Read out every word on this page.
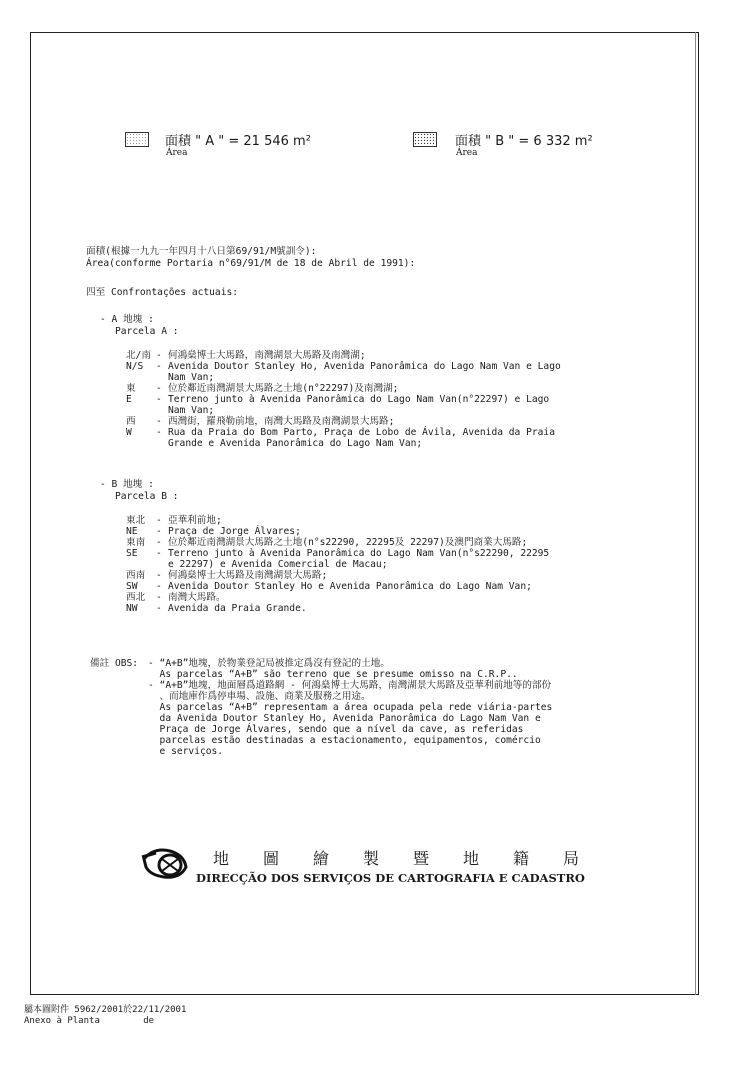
面積 " A " = 21 546 m²
Área
面積 " B " = 6 332 m²
Área
面積(根據一九九一年四月十八日第69/91/M號訓令):
Área(conforme Portaria n°69/91/M de 18 de Abril de 1991):
四至 Confrontações actuais:
- A 地塊 :
Parcela A :
北/南 - 何鴻燊博士大馬路，南灣湖景大馬路及南灣湖;
N/S - Avenida Doutor Stanley Ho, Avenida Panorâmica do Lago Nam Van e Lago
Nam Van;
東 - 位於鄰近南灣湖景大馬路之土地(n°22297)及南灣湖;
E	- Terreno junto à Avenida Panorâmica do Lago Nam Van(n°22297) e Lago
Nam Van;
西 - 西灣街，羅飛勒前地，南灣大馬路及南灣湖景大馬路;
W	- Rua da Praia do Bom Parto, Praça de Lobo de Ávila, Avenida da Praia
Grande e Avenida Panorâmica do Lago Nam Van;
- B 地塊 :
Parcela B :
東北 - 亞華利前地;
NE - Praça de Jorge Álvares;
東南 - 位於鄰近南灣湖景大馬路之土地(n°s22290, 22295及 22297)及澳門商業大馬路;
SE - Terreno junto à Avenida Panorâmica do Lago Nam Van(n°s22290, 22295
e 22297) e Avenida Comercial de Macau;
西南 - 何鴻燊博士大馬路及南灣湖景大馬路;
SW - Avenida Doutor Stanley Ho e Avenida Panorâmica do Lago Nam Van;
西北 - 南灣大馬路。
NW - Avenida da Praia Grande.
備註 OBS: - “A+B”地塊，於物業登記局被推定爲沒有登記的土地。
As parcelas “A+B” são terreno que se presume omisso na C.R.P..
- “A+B”地塊，地面層爲道路網 - 何鴻燊博士大馬路，南灣湖景大馬路及亞華利前地等的部份
、而地庫作爲停車場、設施、商業及服務之用途。
As parcelas “A+B” representam a área ocupada pela rede viária-partes
da Avenida Doutor Stanley Ho, Avenida Panorâmica do Lago Nam Van e
Praça de Jorge Álvares, sendo que a nível da cave, as referidas
parcelas estão destinadas a estacionamento, equipamentos, comércio
e serviços.
地圖繪製暨地籍局
DIRECÇÃO DOS SERVIÇOS DE CARTOGRAFIA E CADASTRO
屬本圖附件 5962/2001於22/11/2001
Anexo à Planta        de
